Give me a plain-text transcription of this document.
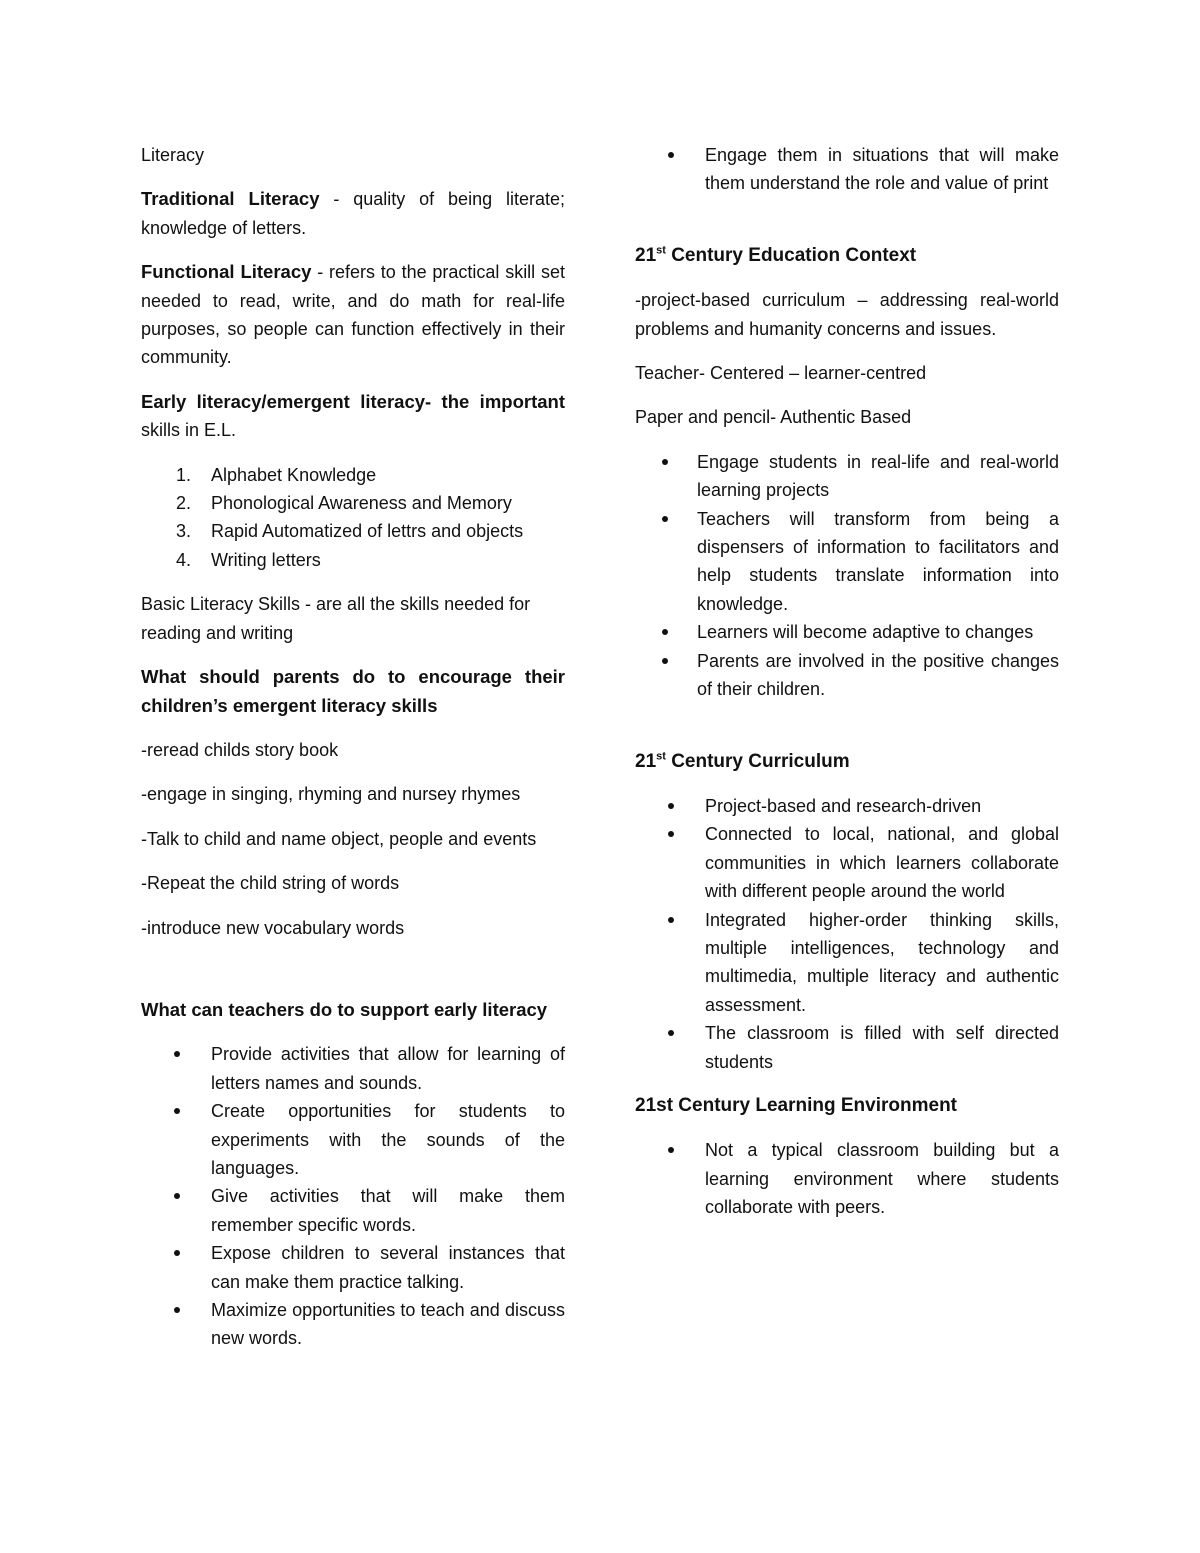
Literacy

Traditional Literacy - quality of being literate; knowledge of letters.

Functional Literacy - refers to the practical skill set needed to read, write, and do math for real-life purposes, so people can function effectively in their community.

Early literacy/emergent literacy- the important skills in E.L.

1. Alphabet Knowledge
2. Phonological Awareness and Memory
3. Rapid Automatized of lettrs and objects
4. Writing letters

Basic Literacy Skills - are all the skills needed for reading and writing

What should parents do to encourage their children’s emergent literacy skills

-reread childs story book

-engage in singing, rhyming and nursey rhymes

-Talk to child and name object, people and events

-Repeat the child string of words

-introduce new vocabulary words

What can teachers do to support early literacy

Provide activities that allow for learning of letters names and sounds.
Create opportunities for students to experiments with the sounds of the languages.
Give activities that will make them remember specific words.
Expose children to several instances that can make them practice talking.
Maximize opportunities to teach and discuss new words.
Engage them in situations that will make them understand the role and value of print

21st Century Education Context

-project-based curriculum – addressing real-world problems and humanity concerns and issues.

Teacher- Centered – learner-centred

Paper and pencil- Authentic Based

Engage students in real-life and real-world learning projects
Teachers will transform from being a dispensers of information to facilitators and help students translate information into knowledge.
Learners will become adaptive to changes
Parents are involved in the positive changes of their children.

21st Century Curriculum

Project-based and research-driven
Connected to local, national, and global communities in which learners collaborate with different people around the world
Integrated higher-order thinking skills, multiple intelligences, technology and multimedia, multiple literacy and authentic assessment.
The classroom is filled with self directed students

21st Century Learning Environment

Not a typical classroom building but a learning environment where students collaborate with peers.
